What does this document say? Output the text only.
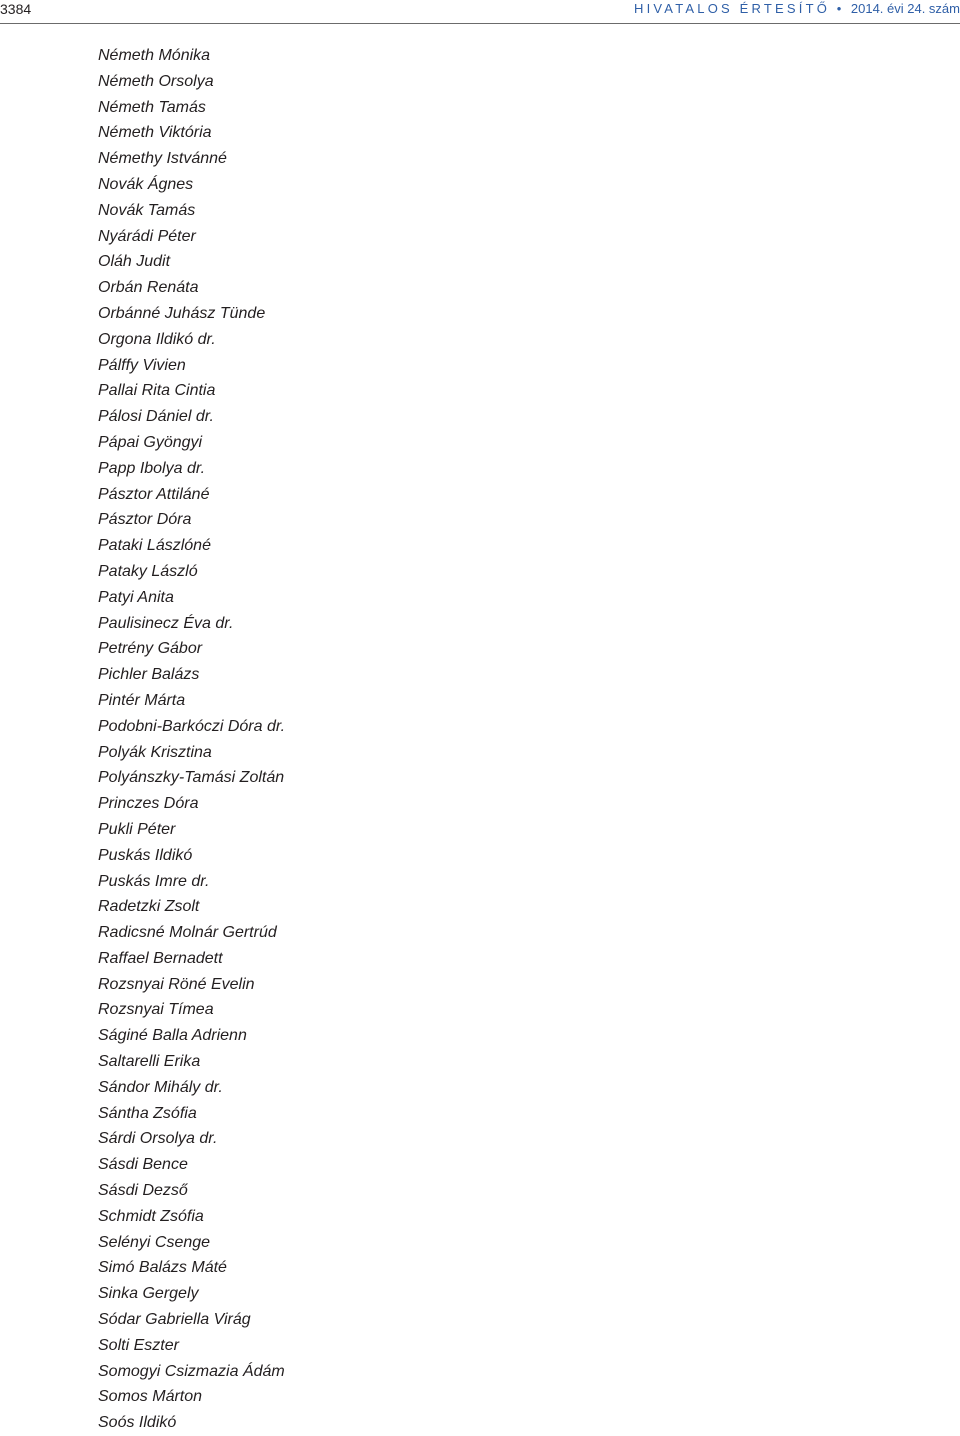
3384	HIVATALOS ÉRTESÍTŐ • 2014. évi 24. szám
Németh Mónika
Németh Orsolya
Németh Tamás
Németh Viktória
Némethy Istvánné
Novák Ágnes
Novák Tamás
Nyárádi Péter
Oláh Judit
Orbán Renáta
Orbánné Juhász Tünde
Orgona Ildikó dr.
Pálffy Vivien
Pallai Rita Cintia
Pálosi Dániel dr.
Pápai Gyöngyi
Papp Ibolya dr.
Pásztor Attiláné
Pásztor Dóra
Pataki Lászlóné
Pataky László
Patyi Anita
Paulisinecz Éva dr.
Petrény Gábor
Pichler Balázs
Pintér Márta
Podobni-Barkóczi Dóra dr.
Polyák Krisztina
Polyánszky-Tamási Zoltán
Princzes Dóra
Pukli Péter
Puskás Ildikó
Puskás Imre dr.
Radetzki Zsolt
Radicsné Molnár Gertrúd
Raffael Bernadett
Rozsnyai Röné Evelin
Rozsnyai Tímea
Ságiné Balla Adrienn
Saltarelli Erika
Sándor Mihály dr.
Sántha Zsófia
Sárdi Orsolya dr.
Sásdi Bence
Sásdi Dezső
Schmidt Zsófia
Selényi Csenge
Simó Balázs Máté
Sinka Gergely
Sódar Gabriella Virág
Solti Eszter
Somogyi Csizmazia Ádám
Somos Márton
Soós Ildikó
